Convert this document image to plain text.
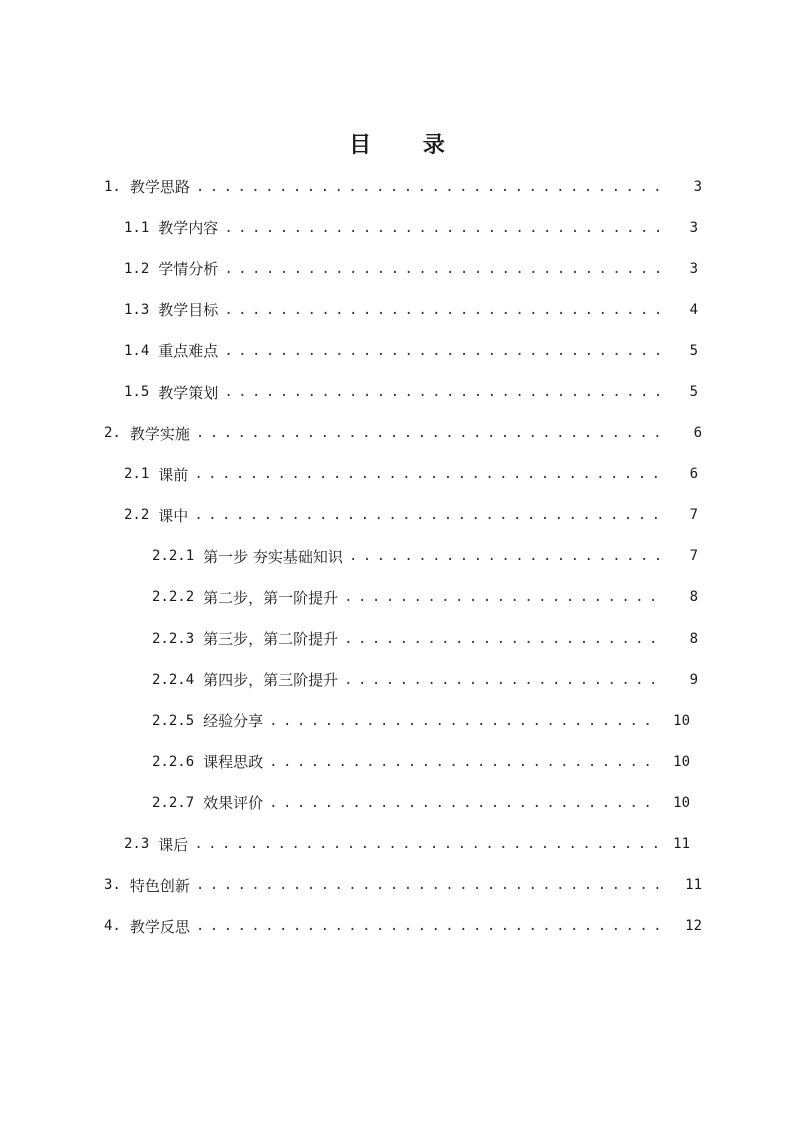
目 录
1. 教学思路 . . .	3
1.1 教学内容 . . .	3
1.2 学情分析 . . .	3
1.3 教学目标 . . .	4
1.4 重点难点 . . .	5
1.5 教学策划 . . .	5
2. 教学实施 . . .	6
2.1 课前 . . .	6
2.2 课中 . . .	7
2.2.1 第一步 夯实基础知识 . . .	7
2.2.2 第二步，第一阶提升 . . .	8
2.2.3 第三步，第二阶提升 . . .	8
2.2.4 第四步，第三阶提升 . . .	9
2.2.5 经验分享 . . .	10
2.2.6 课程思政 . . .	10
2.2.7 效果评价 . . .	10
2.3 课后 . . .	11
3. 特色创新 . . .	11
4. 教学反思 . . .	12
